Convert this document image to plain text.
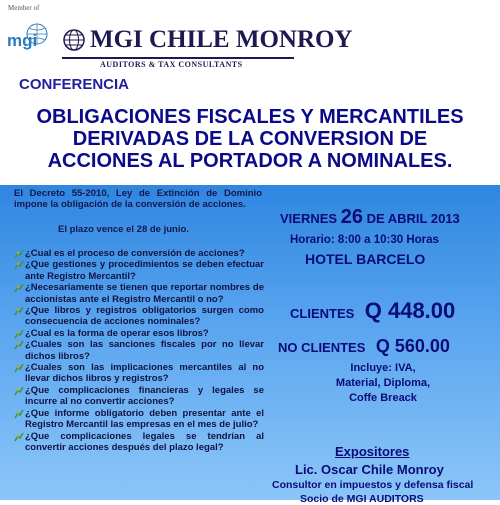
Member of
mgi MGI CHILE MONROY
AUDITORS & TAX CONSULTANTS
CONFERENCIA
OBLIGACIONES FISCALES Y MERCANTILES
DERIVADAS DE LA CONVERSION DE
ACCIONES AL PORTADOR A NOMINALES.
El Decreto 55-2010, Ley de Extinción de Dominio impone la obligación de la conversión de acciones.
El plazo vence el 28 de junio.
¿Cual es el proceso de conversión de acciones?
¿Que gestiones y procedimientos se deben efectuar ante Registro Mercantil?
¿Necesariamente se tienen que reportar nombres de accionistas ante el Registro Mercantil o no?
¿Que libros y registros obligatorios surgen como consecuencia de acciones nominales?
¿Cual es la forma de operar esos libros?
¿Cuales son las sanciones fiscales por no llevar dichos libros?
¿Cuales son las implicaciones mercantiles al no llevar dichos libros y registros?
¿Que complicaciones financieras y legales se incurre al no convertir acciones?
¿Que informe obligatorio deben presentar ante el Registro Mercantil las empresas en el mes de julio?
¿Que complicaciones legales se tendrían al convertir acciones después del plazo legal?
VIERNES 26 DE ABRIL 2013
Horario: 8:00 a 10:30 Horas
HOTEL BARCELO
CLIENTES Q 448.00
NO CLIENTES Q 560.00
Incluye: IVA, Material, Diploma, Coffe Breack
Expositores
Lic. Oscar Chile Monroy
Consultor en impuestos y defensa fiscal
Socio de MGI AUDITORS
